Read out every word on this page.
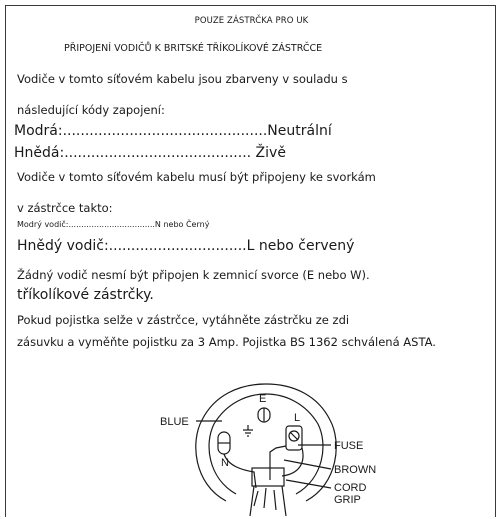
POUZE ZÁSTRČKA PRO UK
PŘIPOJENÍ VODIČŮ K BRITSKÉ TŘÍKOLÍKOVÉ ZÁSTRČCE
Vodiče v tomto síťovém kabelu jsou zbarveny v souladu s
následující kódy zapojení:
Modrá:..............................................Neutrální
Hnědá:.......................................... Živě
Vodiče v tomto síťovém kabelu musí být připojeny ke svorkám
v zástrčce takto:
Modrý vodič:..................................N nebo Černý
Hnědý vodič:...............................L nebo červený
Žádný vodič nesmí být připojen k zemnicí svorce (E nebo W).
tříkolíkové zástrčky.
Pokud pojistka selže v zástrčce, vytáhněte zástrčku ze zdi
zásuvku a vyměňte pojistku za 3 Amp. Pojistka BS 1362 schválená ASTA.
E
L
N
BLUE
FUSE
BROWN
CORD
GRIP
